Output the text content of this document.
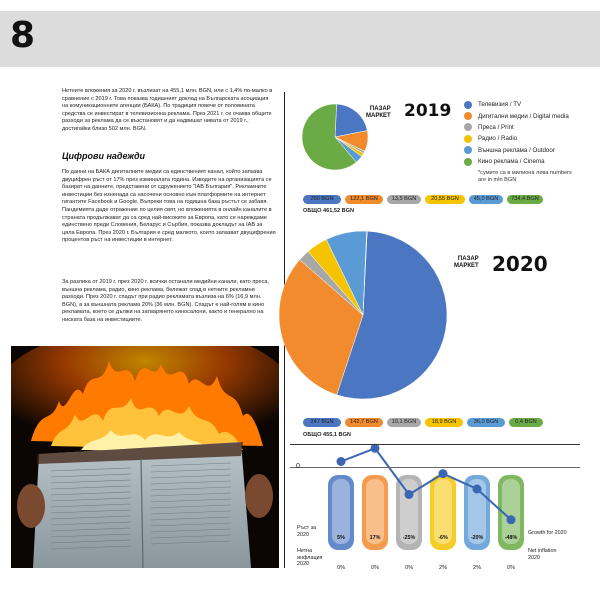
8
Нетните вложения за 2020 г. възлизат на 455,1 млн. BGN, или с 1,4% по-малко в сравнение с 2019 г. Това показва годишният доклад на Българската асоциация на комуникационните агенции (БАКА). По традиция повече от половината средства се инвестират в телевизионна реклама. През 2021 г. се очаква общите разходи за реклама да се възстановят и да надвишат нивата от 2019 г., достигайки близо 502 млн. BGN.
Цифрови надежди
По данни на БАКА дигиталните медии са единственият канал, който запазва двуцифрен ръст от 17% през изминалата година. Изводите на организацията се базират на данните, представени от сдружението "IAB България". Рекламните инвестиции без изненада са насочени основно към платформите на интернет гигантите Facebook и Google. Въпреки това на годишна база ръстът се забавя. Пандемията даде отражение по целия свят, но вложенията в онлайн каналите в страната продължават да са сред най-високите за Европа, като се нареждаме единствено преди Словения, Беларус и Сърбия, показва докладът на IAB за цяла Европа. През 2020 г. България е сред малкото, които запазват двуцифрения процентов ръст на инвестиции в интернет.
За разлика от 2019 г. през 2020 г. всички останали медийни канали, като преса, външна реклама, радио, кино реклама, бележат спад в нетните рекламни разходи. През 2020 г. спадът при радио рекламата възлиза на 6% (16,9 млн. BGN), а за външната реклама 20% (36 млн. BGN). Спадът е най-голям в кино рекламата, което се дължи на затварянето киносалони, както и генерално на ниската база на инвестициите.
ПАЗАР
МАРКЕТ 2019	Телевизия / TV
Дигитални медии / Digital media
Преса / Print
Радио / Radio
Външна реклама / Outdoor
Кино реклама / Cinema
*сумите са в милиона лева numbers are in mln BGN
250 BGN	122,1 BGN	13,5 BGN	20,55 BGN	45,0 BGN	734,4 BGN
ОБЩО 461,52 BGN
ПАЗАР
МАРКЕТ 2020
247 BGN	142,7 BGN	10,1 BGN	18,9 BGN	36,0 BGN	0,4 BGN
ОБЩО 455,1 BGN
0
Ръст за 2020	Growth for 2020
Нетна инфлация 2020
Net inflation 2020
5%	17%	-25%	-6%	-20%	-48%
0%	0%	0%	2%	2%	0%
